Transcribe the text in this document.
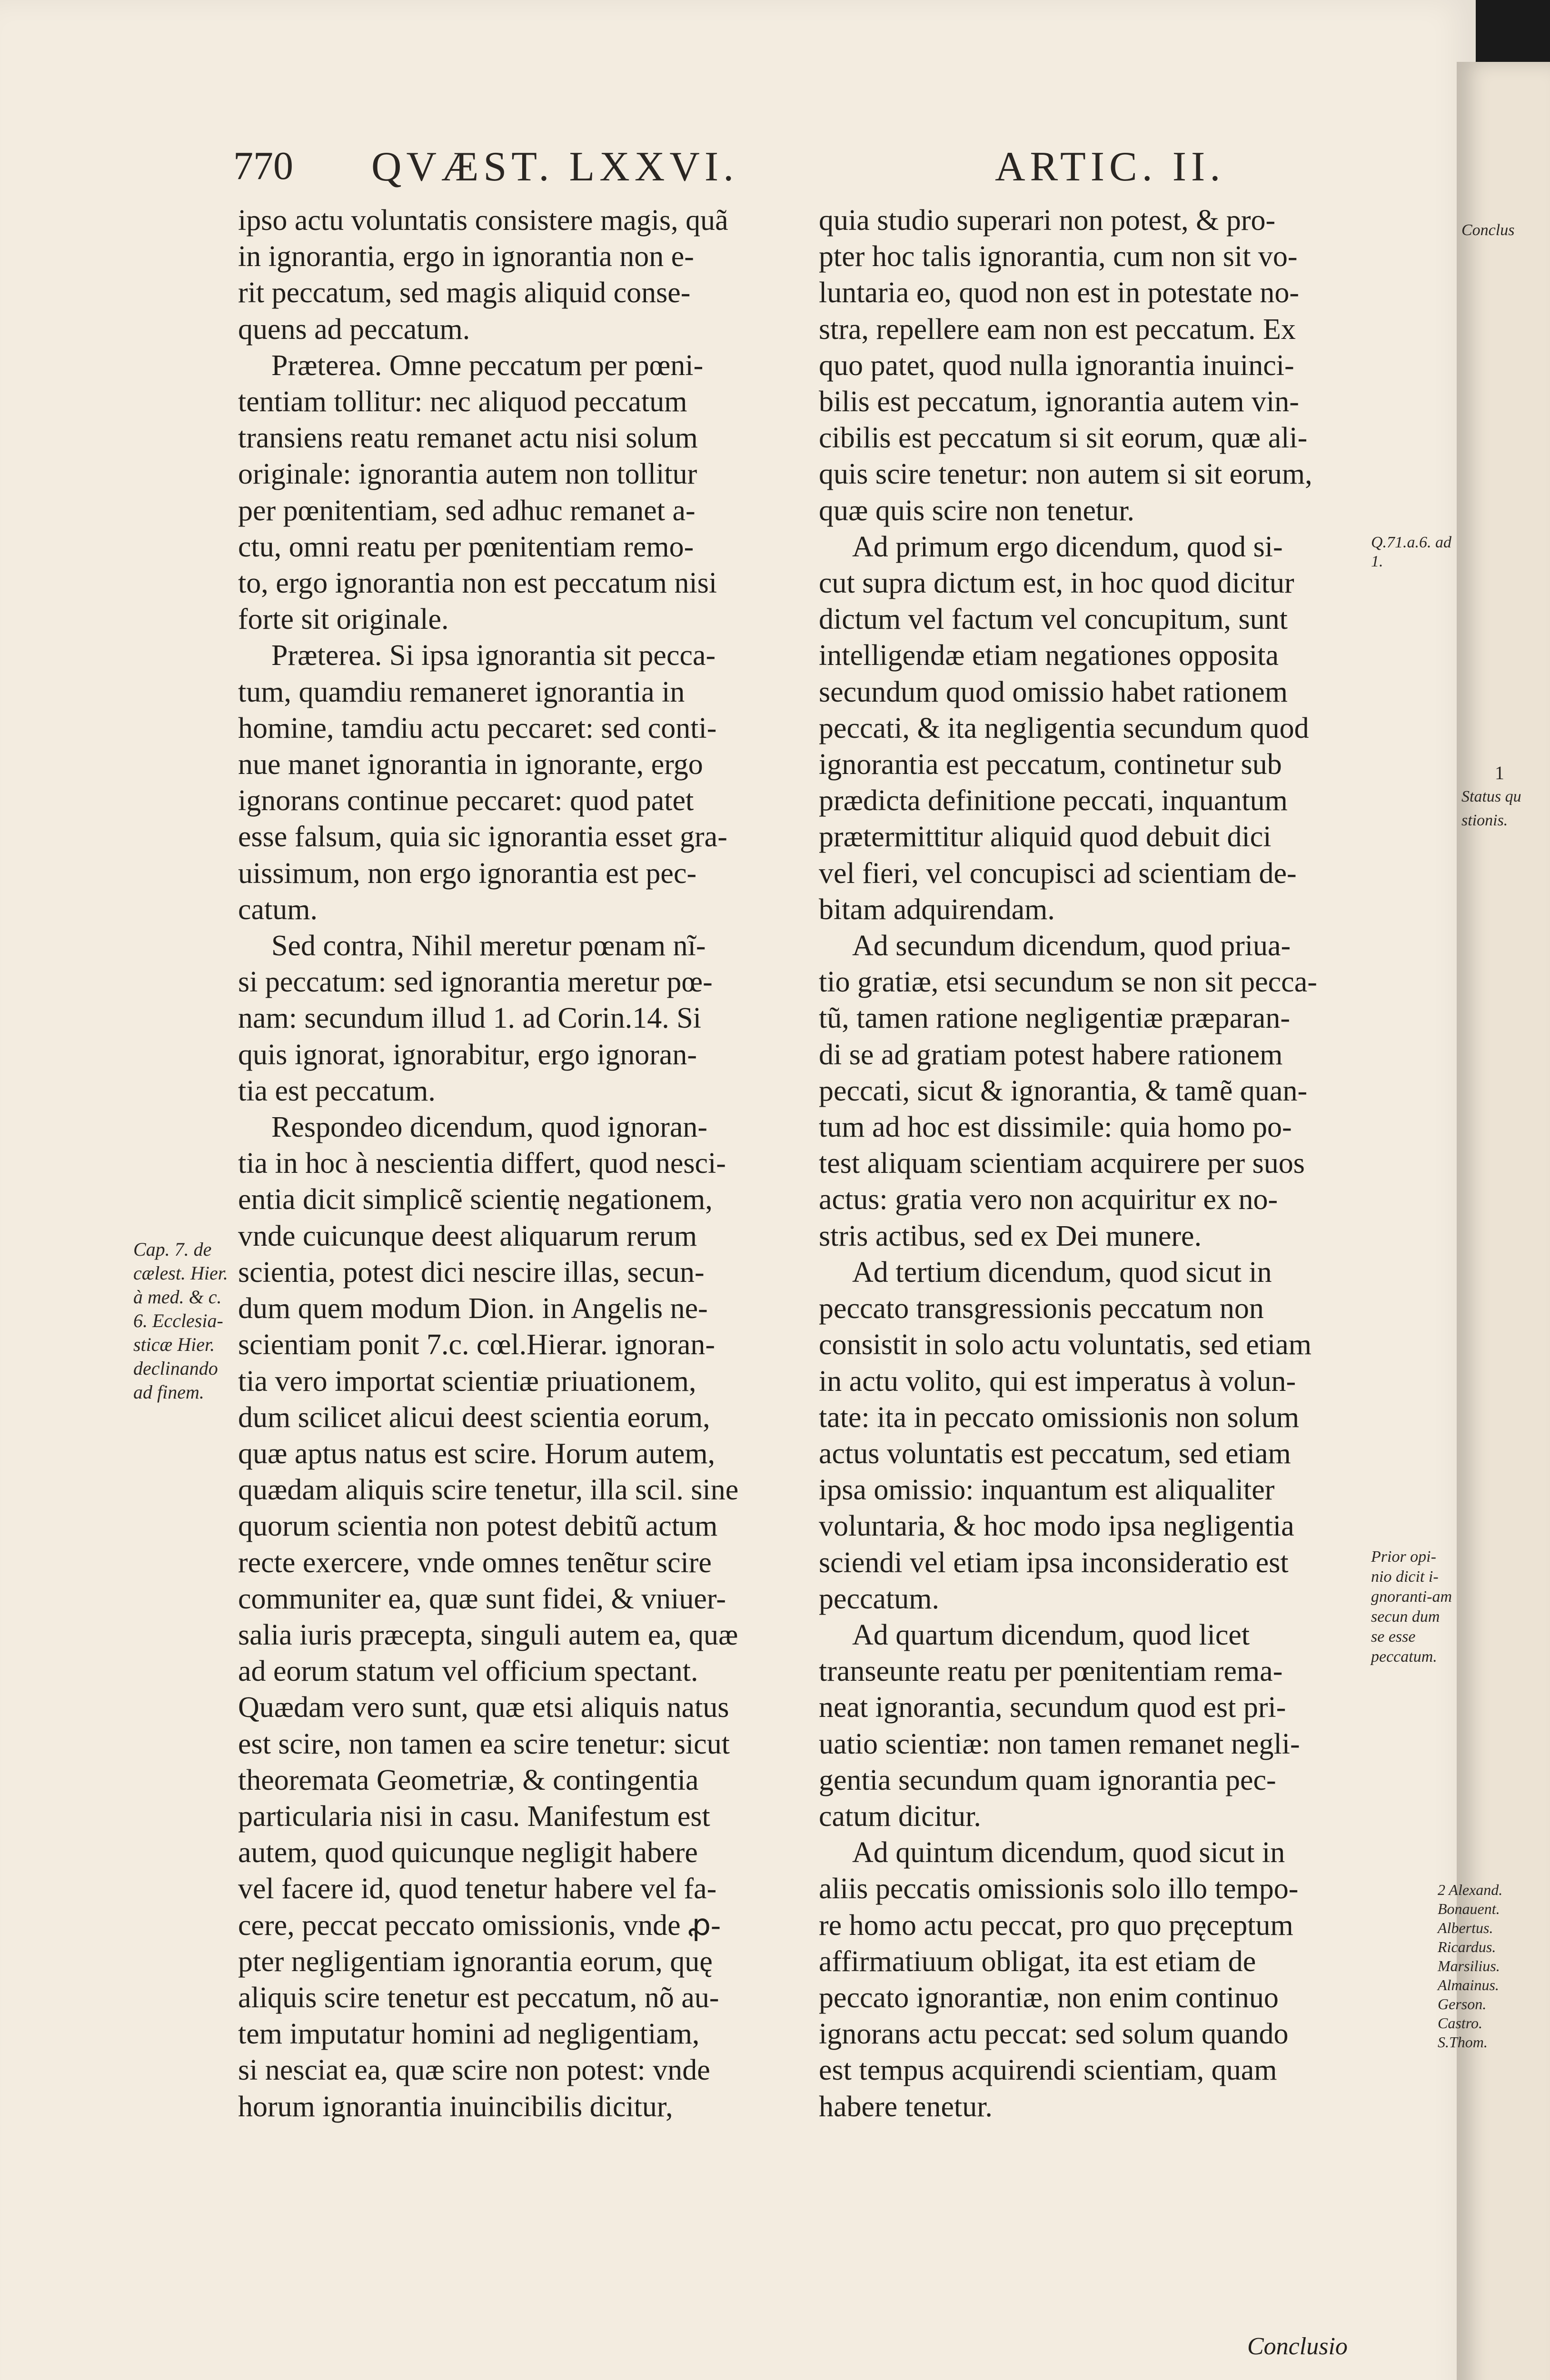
770 QVÆST. LXXVI.	ARTIC. II.
ipso actu voluntatis consistere magis, quã
in ignorantia, ergo in ignorantia non e-
rit peccatum, sed magis aliquid conse-
quens ad peccatum.
Præterea. Omne peccatum per pœni-
tentiam tollitur: nec aliquod peccatum
transiens reatu remanet actu nisi solum
originale: ignorantia autem non tollitur
per pœnitentiam, sed adhuc remanet a-
ctu, omni reatu per pœnitentiam remo-
to, ergo ignorantia non est peccatum nisi
forte sit originale.
Præterea. Si ipsa ignorantia sit pecca-
tum, quamdiu remaneret ignorantia in
homine, tamdiu actu peccaret: sed conti-
nue manet ignorantia in ignorante, ergo
ignorans continue peccaret: quod patet
esse falsum, quia sic ignorantia esset gra-
uissimum, non ergo ignorantia est pec-
catum.
Sed contra, Nihil meretur pœnam nĩ-
si peccatum: sed ignorantia meretur pœ-
nam: secundum illud 1. ad Corin.14. Si
quis ignorat, ignorabitur, ergo ignoran-
tia est peccatum.
Respondeo dicendum, quod ignoran-
tia in hoc à nescientia differt, quod nesci-
entia dicit simplicẽ scientię negationem,
vnde cuicunque deest aliquarum rerum
scientia, potest dici nescire illas, secun-
dum quem modum Dion. in Angelis ne-
scientiam ponit 7.c. cœl.Hierar. ignoran-
tia vero importat scientiæ priuationem,
dum scilicet alicui deest scientia eorum,
quæ aptus natus est scire. Horum autem,
quædam aliquis scire tenetur, illa scil. sine
quorum scientia non potest debitũ actum
recte exercere, vnde omnes tenẽtur scire
communiter ea, quæ sunt fidei, & vniuer-
salia iuris præcepta, singuli autem ea, quæ
ad eorum statum vel officium spectant.
Quædam vero sunt, quæ etsi aliquis natus
est scire, non tamen ea scire tenetur: sicut
theoremata Geometriæ, & contingentia
particularia nisi in casu. Manifestum est
autem, quod quicunque negligit habere
vel facere id, quod tenetur habere vel fa-
cere, peccat peccato omissionis, vnde ꝓ-
pter negligentiam ignorantia eorum, quę
aliquis scire tenetur est peccatum, nõ au-
tem imputatur homini ad negligentiam,
si nesciat ea, quæ scire non potest: vnde
horum ignorantia inuincibilis dicitur,
quia studio superari non potest, & pro-
pter hoc talis ignorantia, cum non sit vo-
luntaria eo, quod non est in potestate no-
stra, repellere eam non est peccatum. Ex
quo patet, quod nulla ignorantia inuinci-
bilis est peccatum, ignorantia autem vin-
cibilis est peccatum si sit eorum, quæ ali-
quis scire tenetur: non autem si sit eorum,
quæ quis scire non tenetur.
Ad primum ergo dicendum, quod si-
cut supra dictum est, in hoc quod dicitur
dictum vel factum vel concupitum, sunt
intelligendæ etiam negationes opposita
secundum quod omissio habet rationem
peccati, & ita negligentia secundum quod
ignorantia est peccatum, continetur sub
prædicta definitione peccati, inquantum
prætermittitur aliquid quod debuit dici
vel fieri, vel concupisci ad scientiam de-
bitam adquirendam.
Ad secundum dicendum, quod priua-
tio gratiæ, etsi secundum se non sit pecca-
tũ, tamen ratione negligentiæ præparan-
di se ad gratiam potest habere rationem
peccati, sicut & ignorantia, & tamẽ quan-
tum ad hoc est dissimile: quia homo po-
test aliquam scientiam acquirere per suos
actus: gratia vero non acquiritur ex no-
stris actibus, sed ex Dei munere.
Ad tertium dicendum, quod sicut in
peccato transgressionis peccatum non
consistit in solo actu voluntatis, sed etiam
in actu volito, qui est imperatus à volun-
tate: ita in peccato omissionis non solum
actus voluntatis est peccatum, sed etiam
ipsa omissio: inquantum est aliqualiter
voluntaria, & hoc modo ipsa negligentia
sciendi vel etiam ipsa inconsideratio est
peccatum.
Ad quartum dicendum, quod licet
transeunte reatu per pœnitentiam rema-
neat ignorantia, secundum quod est pri-
uatio scientiæ: non tamen remanet negli-
gentia secundum quam ignorantia pec-
catum dicitur.
Ad quintum dicendum, quod sicut in
aliis peccatis omissionis solo illo tempo-
re homo actu peccat, pro quo pręceptum
affirmatiuum obligat, ita est etiam de
peccato ignorantiæ, non enim continuo
ignorans actu peccat: sed solum quando
est tempus acquirendi scientiam, quam
habere tenetur.
Cap. 7. de cælest. Hier. à med. & c. 6. Ecclesia-sticæ Hier. declinando ad finem.
Q.71.a.6. ad 1.
Prior opi-nio dicit i-gnoranti-am secun dum se esse peccatum.
Conclusio
Conclus
1
Status qu
stionis.
2 Alexand. Bonauent. Albertus. Ricardus. Marsilius. Almainus. Gerson. Castro. S.Thom.
